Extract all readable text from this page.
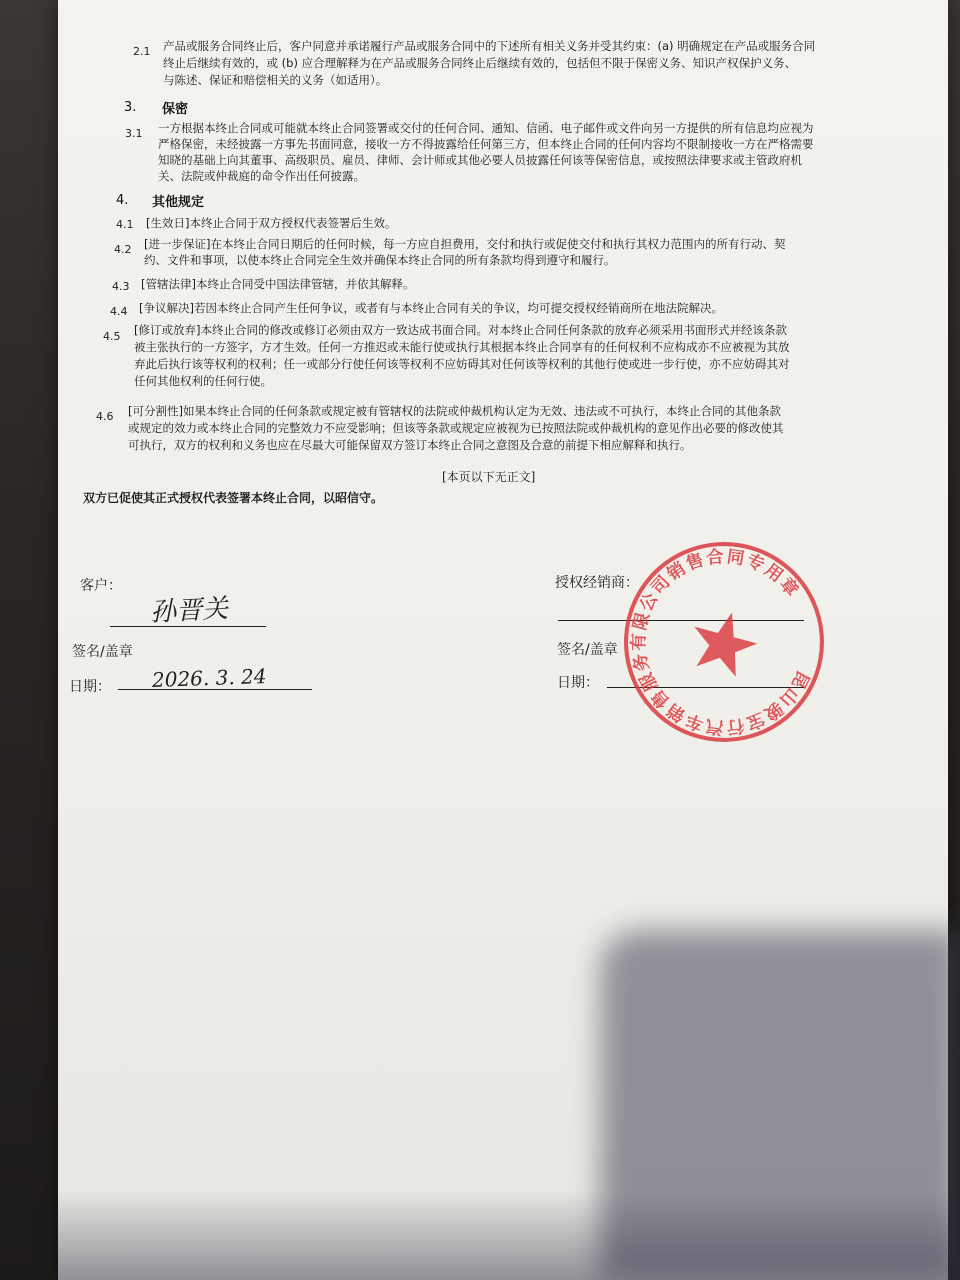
2.1 产品或服务合同终止后，客户同意并承诺履行产品或服务合同中的下述所有相关义务并受其约束：(a) 明确规定在产品或服务合同
终止后继续有效的，或 (b) 应合理解释为在产品或服务合同终止后继续有效的，包括但不限于保密义务、知识产权保护义务、
与陈述、保证和赔偿相关的义务（如适用）。
3. 保密
3.1 一方根据本终止合同或可能就本终止合同签署或交付的任何合同、通知、信函、电子邮件或文件向另一方提供的所有信息均应视为
严格保密，未经披露一方事先书面同意，接收一方不得披露给任何第三方，但本终止合同的任何内容均不限制接收一方在严格需要
知晓的基础上向其董事、高级职员、雇员、律师、会计师或其他必要人员披露任何该等保密信息，或按照法律要求或主管政府机
关、法院或仲裁庭的命令作出任何披露。
4. 其他规定
4.1 [生效日]本终止合同于双方授权代表签署后生效。
4.2 [进一步保证]在本终止合同日期后的任何时候，每一方应自担费用，交付和执行或促使交付和执行其权力范围内的所有行动、契
约、文件和事项，以使本终止合同完全生效并确保本终止合同的所有条款均得到遵守和履行。
4.3 [管辖法律]本终止合同受中国法律管辖，并依其解释。
4.4 [争议解决]若因本终止合同产生任何争议，或者有与本终止合同有关的争议，均可提交授权经销商所在地法院解决。
4.5 [修订或放弃]本终止合同的修改或修订必须由双方一致达成书面合同。对本终止合同任何条款的放弃必须采用书面形式并经该条款
被主张执行的一方签字，方才生效。任何一方推迟或未能行使或执行其根据本终止合同享有的任何权利不应构成亦不应被视为其放
弃此后执行该等权利的权利；任一或部分行使任何该等权利不应妨碍其对任何该等权利的其他行使或进一步行使，亦不应妨碍其对
任何其他权利的任何行使。
4.6 [可分割性]如果本终止合同的任何条款或规定被有管辖权的法院或仲裁机构认定为无效、违法或不可执行，本终止合同的其他条款
或规定的效力或本终止合同的完整效力不应受影响；但该等条款或规定应被视为已按照法院或仲裁机构的意见作出必要的修改使其
可执行，双方的权利和义务也应在尽最大可能保留双方签订本终止合同之意图及合意的前提下相应解释和执行。
[本页以下无正文]
双方已促使其正式授权代表签署本终止合同，以昭信守。
客户：
孙晋关
签名/盖章
日期： 2026. 3. 24
授权经销商：
签名/盖章
日期：	昆山骏宝行汽车销售服务有限公司销售合同专用章
